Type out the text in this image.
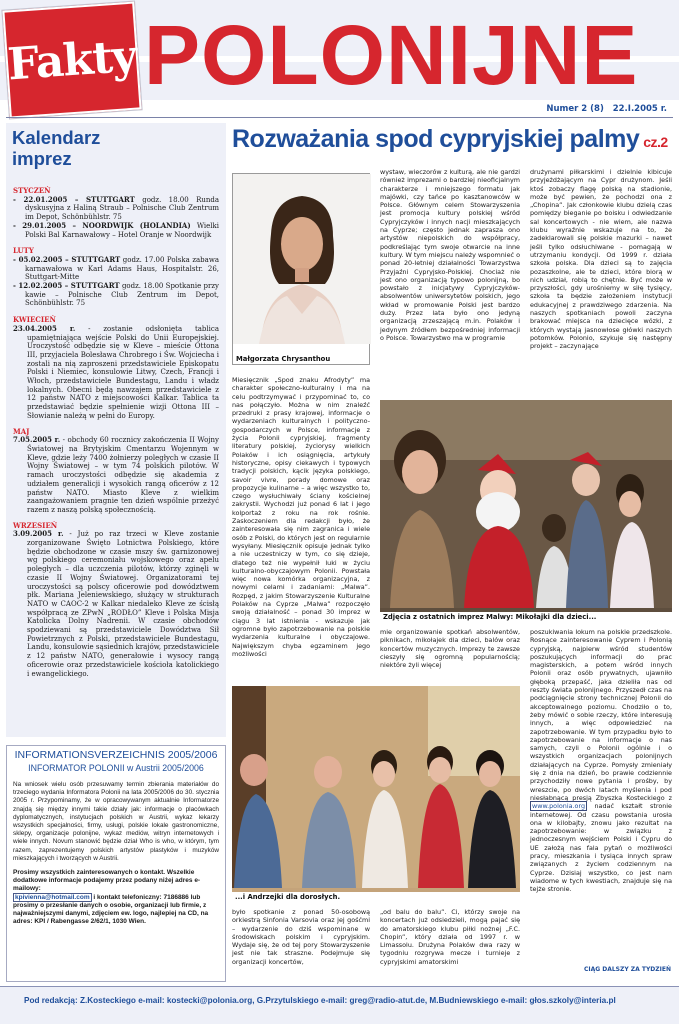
Fakty POLONIJNE
Numer 2 (8) 22.I.2005 r.
Kalendarz
imprez
STYCZEŃ
- 22.01.2005 – STUTTGART godz. 18.00 Runda dyskusyjna z Haliną Straub – Polnische Club Zentrum im Depot, Schönbühlstr. 75
- 29.01.2005 – NOORDWIJK (HOLANDIA) Wielki Polski Bal Karnawałowy – Hotel Oranje w Noordwijk
LUTY
- 05.02.2005 – STUTTGART godz. 17.00 Polska zabawa karnawałowa w Karl Adams Haus, Hospitalstr. 26, Stuttgart-Mitte
- 12.02.2005 – STUTTGART godz. 18.00 Spotkanie przy kawie – Polnische Club Zentrum im Depot, Schönbühlstr. 75
KWIECIEŃ
23.04.2005 r. - zostanie odsłonięta tablica upamiętniająca wejście Polski do Unii Europejskiej. Uroczystość odbędzie się w Kleve – mieście Ottona III, przyjaciela Bolesława Chrobrego i Św. Wojciecha i zostali na nią zaproszeni przedstawiciele Episkopatu Polski i Niemiec, konsulowie Litwy, Czech, Francji i Włoch, przedstawiciele Bundestagu, Landu i władz lokalnych. Obecni będą nawzajem przedstawiciele z 12 państw NATO z miejscowości Kalkar. Tablica ta przedstawiać będzie spełnienie wizji Ottona III – Słowianie należą w pełni do Europy.
MAJ
7.05.2005 r. - obchody 60 rocznicy zakończenia II Wojny Światowej na Brytyjskim Cmentarzu Wojennym w Kleve, gdzie leży 7400 żołnierzy poległych w czasie II Wojny Światowej – w tym 74 polskich pilotów. W ramach uroczystości odbędzie się akademia z udziałem generalicji i wysokich rangą oficerów z 12 państw NATO. Miasto Kleve z wielkim zaangażowaniem pragnie ten dzień wspólnie przeżyć razem z naszą polską społecznością.
WRZESIEŃ
3.09.2005 r. - Już po raz trzeci w Kleve zostanie zorganizowane Święto Lotnictwa Polskiego, które będzie obchodzone w czasie mszy św. garnizonowej wg polskiego ceremoniału wojskowego oraz apelu poległych – dla uczczenia pilotów, którzy zginęli w czasie II Wojny Światowej. Organizatorami tej uroczystości są polscy oficerowie pod dowództwem płk. Mariana Jeleniewskiego, służący w strukturach NATO w CAOC-2 w Kalkar niedaleko Kleve ze ścisłą współpracą ze ZPwN „RODŁO” Kleve i Polska Misja Katolicka Dolny Nadrenii. W czasie obchodów spodziewani są przedstawiciele Dowództwa Sił Powietrznych z Polski, przedstawiciele Bundestagu, Landu, konsulowie sąsiednich krajów, przedstawiciele z 12 państw NATO, generałowie i wysocy rangą oficerowie oraz przedstawiciele kościoła katolickiego i ewangelickiego.
INFORMATIONSVERZEICHNIS 2005/2006
INFORMATOR POLONII w Austrii 2005/2006
Na wniosek wielu osób przesuwamy termin zbierania materiałów do trzeciego wydania Informatora Polonii na lata 2005/2006 do 30. stycznia 2005 r. Przypominamy, że w opracowywanym aktualnie Informatorze znajdą się między innymi takie działy jak: informacje o placówkach dyplomatycznych, instytucjach polskich w Austrii, wykaz lekarzy wszystkich specjalności, firmy, usługi, polskie lokale gastronomiczne, sklepy, organizacje polonijne, wykaz mediów, witryn internetowych i wiele innych. Novum stanowić będzie dział Who is who, w którym, tym razem, zaprezentujemy polskich artystów plastyków i muzyków mieszkających i tworzących w Austrii.
Prosimy wszystkich zainteresowanych o kontakt. Wszelkie dodatkowe informacje podajemy przez podany niżej adres e-mailowy:
kpivienna@hotmail.com i kontakt telefoniczny: 7186886 lub prosimy o przesłanie danych o osobie, organizacji lub firmie, z najważniejszymi danymi, zdjęciem ew. logo, najlepiej na CD, na adres: KPI / Rabengasse 2/62/1, 1030 Wien.
Rozważania spod cypryjskiej palmy cz.2
Małgorzata Chrysanthou
Miesięcznik „Spod znaku Afrodyty” ma charakter społeczno-kulturalny i ma na celu podtrzymywać i przypominać to, co nas połączyło. Można w nim znaleźć przedruki z prasy krajowej, informacje o wydarzeniach kulturalnych i polityczno-gospodarczych w Polsce, informacje z życia Polonii cypryjskiej, fragmenty literatury polskiej, życiorysy wielkich Polaków i ich osiągnięcia, artykuły historyczne, opisy ciekawych i typowych tradycji polskich, kącik języka polskiego, savoir vivre, porady domowe oraz propozycje kulinarne – a więc wszystko to, czego wysłuchiwały ściany kościelnej zakrystii. Wychodzi już ponad 6 lat i jego kolportaż z roku na rok rośnie. Zaskoczeniem dla redakcji było, że zainteresowała się nim zagranica i wiele osób z Polski, do których jest on regularnie wysyłany. Miesięcznik opisuje jednak tylko a nie uczestniczy w tym, co się dzieje, dlatego też nie wypełnił luki w życiu kulturalno-obyczajowym Polonii. Powstała więc nowa komórka organizacyjna, z nowymi celami i zadaniami: „Malwa”. Rozpęd, z jakim Stowarzyszenie Kulturalne Polaków na Cyprze „Malwa” rozpoczęło swoją działalność – ponad 30 imprez w ciągu 3 lat istnienia - wskazuje jak ogromne było zapotrzebowanie na polskie wydarzenia kulturalne i obyczajowe. Największym chyba egzaminem jego możliwości
było spotkanie z ponad 50-osobową orkiestrą Sinfonia Varsovia oraz jej gośćmi – wydarzenie do dziś wspominane w środowiskach polskim i cypryjskim. Wydaje się, że od tej pory Stowarzyszenie jest nie tak straszne. Podejmuje się organizacji koncertów,
wystaw, wieczorów z kulturą, ale nie gardzi również imprezami o bardziej nieoficjalnym charakterze i mniejszego formatu jak majówki, czy tańce po kasztanowców w Polsce. Głównym celem Stowarzyszenia jest promocja kultury polskiej wśród Cypryjczyków i innych nacji mieszkających na Cyprze; często jednak zaprasza ono artystów niepolskich do współpracy, podkreślając tym swoje otwarcie na inne kultury. W tym miejscu należy wspomnieć o ponad 20-letniej działalności Towarzystwa Przyjaźni Cypryjsko-Polskiej. Chociaż nie jest ono organizacją typowo polonijną, bo powstało z inicjatywy Cypryjczyków-absolwentów uniwersytetów polskich, jego wkład w promowanie Polski jest bardzo duży. Przez lata było ono jedyną organizacją zrzeszającą m.in. Polaków i jedynym źródłem bezpośredniej informacji o Polsce. Towarzystwo ma w programie
drużynami piłkarskimi i dzielnie kibicuje przyjeżdżającym na Cypr drużynom. Jeśli ktoś zobaczy flagę polską na stadionie, może być pewien, że pochodzi ona z „Chopina”. Jak członkowie klubu dzielą czas pomiędzy bieganie po boisku i odwiedzanie sal koncertowych - nie wiem, ale nazwa klubu wyraźnie wskazuje na to, że zadeklarowali się polskie mazurki – nawet jeśli tylko odsłuchiwane - pomagają w utrzymaniu kondycji. Od 1999 r. działa szkoła polska. Dla dzieci są to zajęcia pozaszkolne, ale te dzieci, które biorą w nich udział, robią to chętnie. Być może w przyszłości, gdy urośniemy w siłę tysięcy, szkoła ta będzie założeniem instytucji edukacyjnej z prawdziwego zdarzenia. Na naszych spotkaniach powoli zaczyna brakować miejsca na dziecięce wózki, z których wystają jasnowłose główki naszych potomków. Polonio, szykuje się następny projekt – zaczynające
Zdjęcia z ostatnich imprez Malwy: Mikołajki dla dzieci...
mie organizowanie spotkań absolwentów, piknikach, mikołajek dla dzieci, balów oraz koncertów muzycznych. Imprezy te zawsze cieszyły się ogromną popularnością; niektóre żyli więcej
poszukiwania lokum na polskie przedszkole. Rosnące zainteresowanie Cyprem i Polonią cypryjską, najpierw wśród studentów poszukujących informacji do prac magisterskich, a potem wśród innych Polonii oraz osób prywatnych, ujawniło głęboką przepaść, jaka dzieliła nas od reszty świata polonijnego. Przyszedł czas na podciągnięcie strony technicznej Polonii do akceptowalnego poziomu. Chodziło o to, żeby mówić o sobie rzeczy, które interesują innych, a więc odpowiedzieć na zapotrzebowanie. W tym przypadku było to zapotrzebowanie na informacje o nas samych, czyli o Polonii ogólnie i o wszystkich organizacjach polonijnych działających na Cyprze. Pomysły zmieniały się z dnia na dzień, bo prawie codziennie przychodziły nowe pytania i prośby, by wreszcie, po dwóch latach myślenia i pod niesłabnącą presją Zbyszka Kosteckiego z www.polonia.org nadać kształt stronie internetowej. Od czasu powstania urosła ona w kilobajty, znowu jako rezultat na zapotrzebowanie: w związku z jednoczesnym wejściem Polski i Cypru do UE założą nas fala pytań o możliwości pracy, mieszkania i tysiąca innych spraw związanych z życiem codziennym na Cyprze. Dzisiaj wszystko, co jest nam wiadome w tych kwestiach, znajduje się na tejże stronie.
...i Andrzejki dla dorosłych.
„od balu do balu”. Ci, którzy swoje na koncertach już odsiedzieli, mogą pajać się do amatorskiego klubu piłki nożnej „F.C. Chopin”, który działa od 1997 r. w Limassolu. Drużyna Polaków dwa razy w tygodniu rozgrywa mecze i turnieje z cypryjskimi amatorskimi
CIĄG DALSZY ZA TYDZIEŃ
Pod redakcją: Z.Kosteckiego e-mail: kostecki@polonia.org, G.Przytulskiego e-mail: greg@radio-atut.de, M.Budniewskiego e-mail: głos.szkoly@interia.pl
